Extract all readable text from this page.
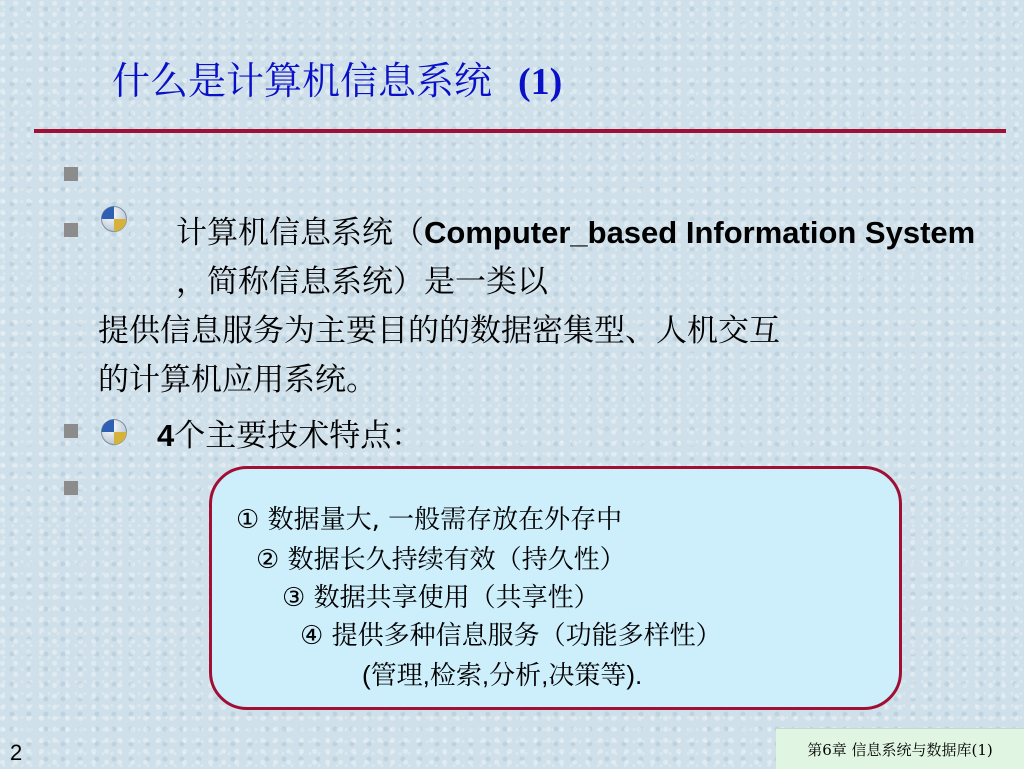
什么是计算机信息系统 (1)
计算机信息系统（Computer_based Information System ，简称信息系统）是一类以
提供信息服务为主要目的的数据密集型、人机交互
的计算机应用系统。
4个主要技术特点：
① 数据量大, 一般需存放在外存中
② 数据长久持续有效（持久性）
③ 数据共享使用（共享性）
④ 提供多种信息服务（功能多样性）
(管理,检索,分析,决策等).
2	第6章 信息系统与数据库(1)
